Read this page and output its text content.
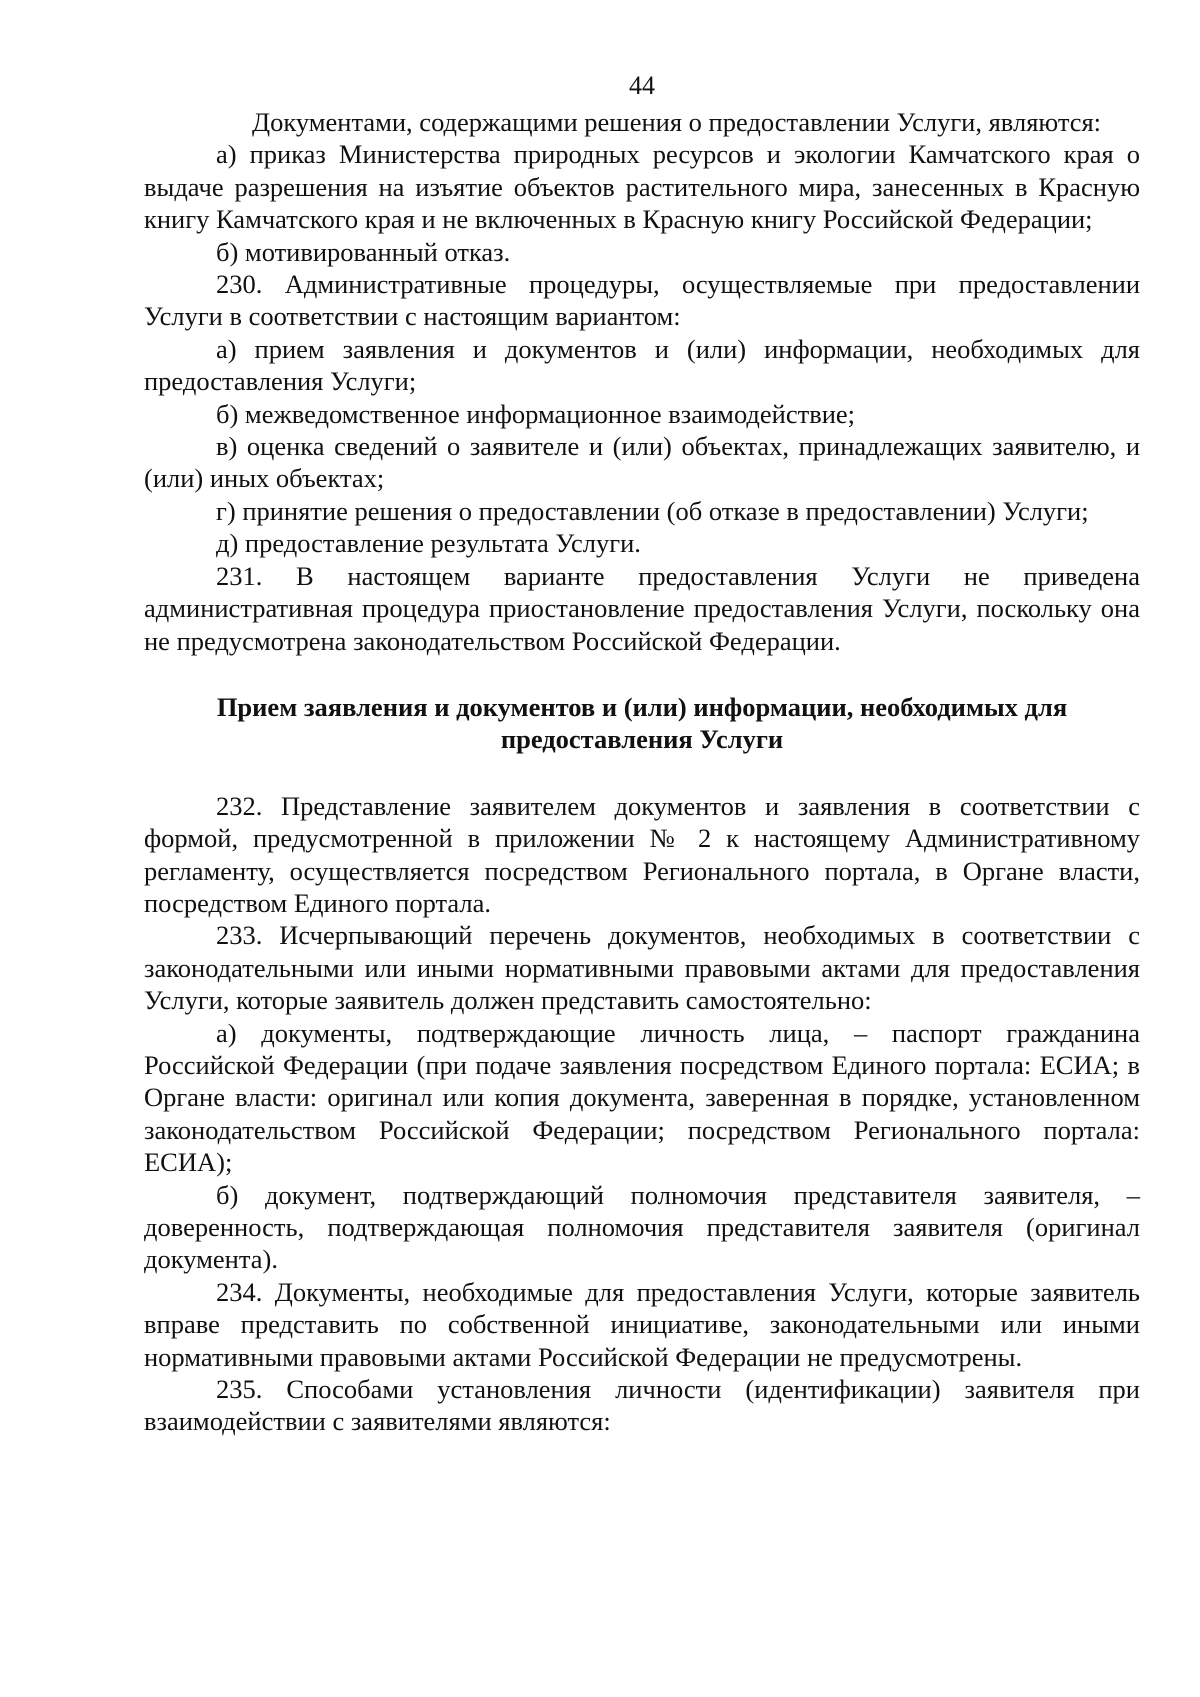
44

Документами, содержащими решения о предоставлении Услуги, являются:

а) приказ Министерства природных ресурсов и экологии Камчатского края о выдаче разрешения на изъятие объектов растительного мира, занесенных в Красную книгу Камчатского края и не включенных в Красную книгу Российской Федерации;

б) мотивированный отказ.

230. Административные процедуры, осуществляемые при предоставлении Услуги в соответствии с настоящим вариантом:

а) прием заявления и документов и (или) информации, необходимых для предоставления Услуги;

б) межведомственное информационное взаимодействие;

в) оценка сведений о заявителе и (или) объектах, принадлежащих заявителю, и (или) иных объектах;

г) принятие решения о предоставлении (об отказе в предоставлении) Услуги;

д) предоставление результата Услуги.

231. В настоящем варианте предоставления Услуги не приведена административная процедура приостановление предоставления Услуги, поскольку она не предусмотрена законодательством Российской Федерации.

Прием заявления и документов и (или) информации, необходимых для предоставления Услуги

232. Представление заявителем документов и заявления в соответствии с формой, предусмотренной в приложении № 2 к настоящему Административному регламенту, осуществляется посредством Регионального портала, в Органе власти, посредством Единого портала.

233. Исчерпывающий перечень документов, необходимых в соответствии с законодательными или иными нормативными правовыми актами для предоставления Услуги, которые заявитель должен представить самостоятельно:

а) документы, подтверждающие личность лица, – паспорт гражданина Российской Федерации (при подаче заявления посредством Единого портала: ЕСИА; в Органе власти: оригинал или копия документа, заверенная в порядке, установленном законодательством Российской Федерации; посредством Регионального портала: ЕСИА);

б) документ, подтверждающий полномочия представителя заявителя, – доверенность, подтверждающая полномочия представителя заявителя (оригинал документа).

234. Документы, необходимые для предоставления Услуги, которые заявитель вправе представить по собственной инициативе, законодательными или иными нормативными правовыми актами Российской Федерации не предусмотрены.

235. Способами установления личности (идентификации) заявителя при взаимодействии с заявителями являются:
